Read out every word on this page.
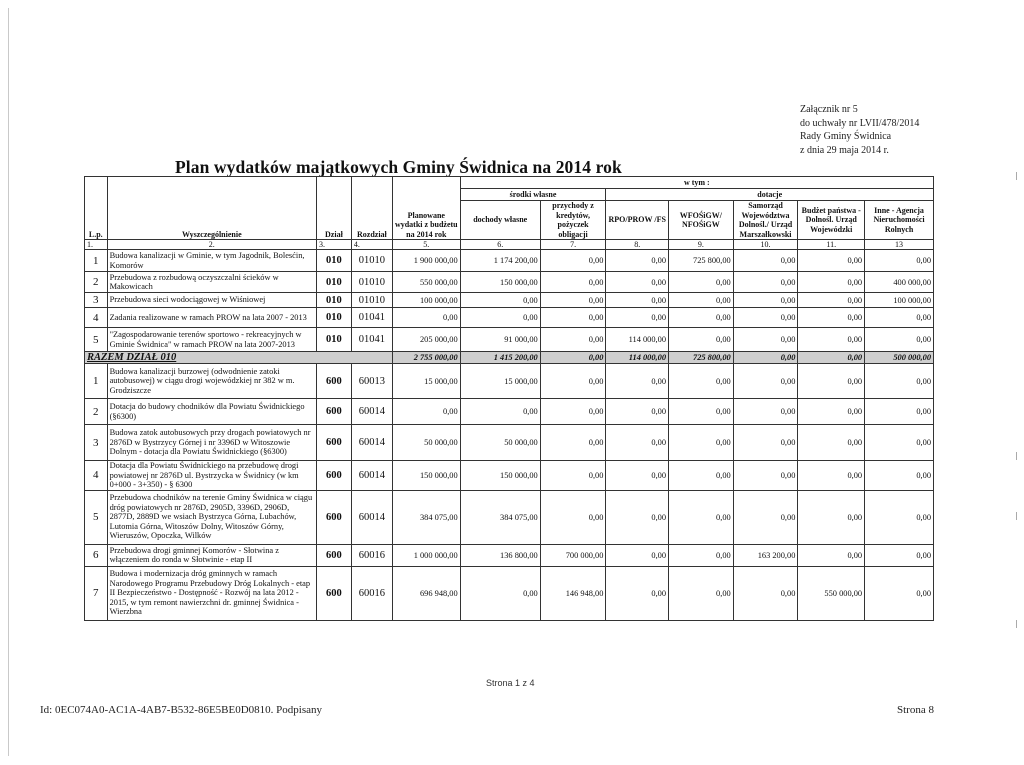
Załącznik nr 5
do uchwały nr LVII/478/2014
Rady Gminy Świdnica
z dnia 29 maja 2014 r.
Plan wydatków majątkowych Gminy Świdnica na 2014 rok
L.p.	Wyszczególnienie	Dział	Rozdział	Planowane wydatki z budżetu na 2014 rok	w tym :						
					środki własne		dotacje				
					dochody własne	przychody z kredytów, pożyczek obligacji	RPO/PROW /FS	WFOŚiGW/ NFOŚiGW	Samorząd Województwa Dolnośl./ Urząd Marszałkowski	Budżet państwa - Dolnośl. Urząd Wojewódzki	Inne - Agencja Nieruchomości Rolnych
1.	2.	3.	4.	5.	6.	7.	8.	9.	10.	11.	13
1	Budowa kanalizacji w Gminie, w tym Jagodnik, Bolesćin, Komorów	010	01010	1 900 000,00	1 174 200,00	0,00	0,00	725 800,00	0,00	0,00	0,00
2	Przebudowa z rozbudową oczyszczalni ścieków w Makowicach	010	01010	550 000,00	150 000,00	0,00	0,00	0,00	0,00	0,00	400 000,00
3	Przebudowa sieci wodociągowej w Wiśniowej	010	01010	100 000,00	0,00	0,00	0,00	0,00	0,00	0,00	100 000,00
4	Zadania realizowane w ramach PROW na lata 2007 - 2013	010	01041	0,00	0,00	0,00	0,00	0,00	0,00	0,00	0,00
5	"Zagospodarowanie terenów sportowo - rekreacyjnych w Gminie Świdnica" w ramach PROW na lata 2007-2013	010	01041	205 000,00	91 000,00	0,00	114 000,00	0,00	0,00	0,00	0,00
RAZEM DZIAŁ 010				2 755 000,00	1 415 200,00	0,00	114 000,00	725 800,00	0,00	0,00	500 000,00
1	Budowa kanalizacji burzowej (odwodnienie zatoki autobusowej) w ciągu drogi wojewódzkiej nr 382 w m. Grodziszcze	600	60013	15 000,00	15 000,00	0,00	0,00	0,00	0,00	0,00	0,00
2	Dotacja do budowy chodników dla Powiatu Świdnickiego (§6300)	600	60014	0,00	0,00	0,00	0,00	0,00	0,00	0,00	0,00
3	Budowa zatok autobusowych przy drogach powiatowych nr 2876D w Bystrzycy Górnej i nr 3396D w Witoszowie Dolnym - dotacja dla Powiatu Świdnickiego (§6300)	600	60014	50 000,00	50 000,00	0,00	0,00	0,00	0,00	0,00	0,00
4	Dotacja dla Powiatu Świdnickiego na przebudowę drogi powiatowej nr 2876D ul. Bystrzycka w Świdnicy (w km 0+000 - 3+350) - § 6300	600	60014	150 000,00	150 000,00	0,00	0,00	0,00	0,00	0,00	0,00
5	Przebudowa chodników na terenie Gminy Świdnica w ciągu dróg powiatowych nr 2876D, 2905D, 3396D, 2906D, 2877D, 2889D we wsiach Bystrzyca Górna, Lubachów, Lutomia Górna, Witoszów Dolny, Witoszów Górny, Wieruszów, Opoczka, Wilków	600	60014	384 075,00	384 075,00	0,00	0,00	0,00	0,00	0,00	0,00
6	Przebudowa drogi gminnej Komorów - Słotwina z włączeniem do ronda w Słotwinie - etap II	600	60016	1 000 000,00	136 800,00	700 000,00	0,00	0,00	163 200,00	0,00	0,00
7	Budowa i modernizacja dróg gminnych w ramach Narodowego Programu Przebudowy Dróg Lokalnych - etap II Bezpieczeństwo - Dostępność - Rozwój na lata 2012 - 2015, w tym remont nawierzchni dr. gminnej Świdnica - Wierzbna	600	60016	696 948,00	0,00	146 948,00	0,00	0,00	0,00	550 000,00	0,00
Strona 1 z 4
Id: 0EC074A0-AC1A-4AB7-B532-86E5BE0D0810. Podpisany	Strona 8
